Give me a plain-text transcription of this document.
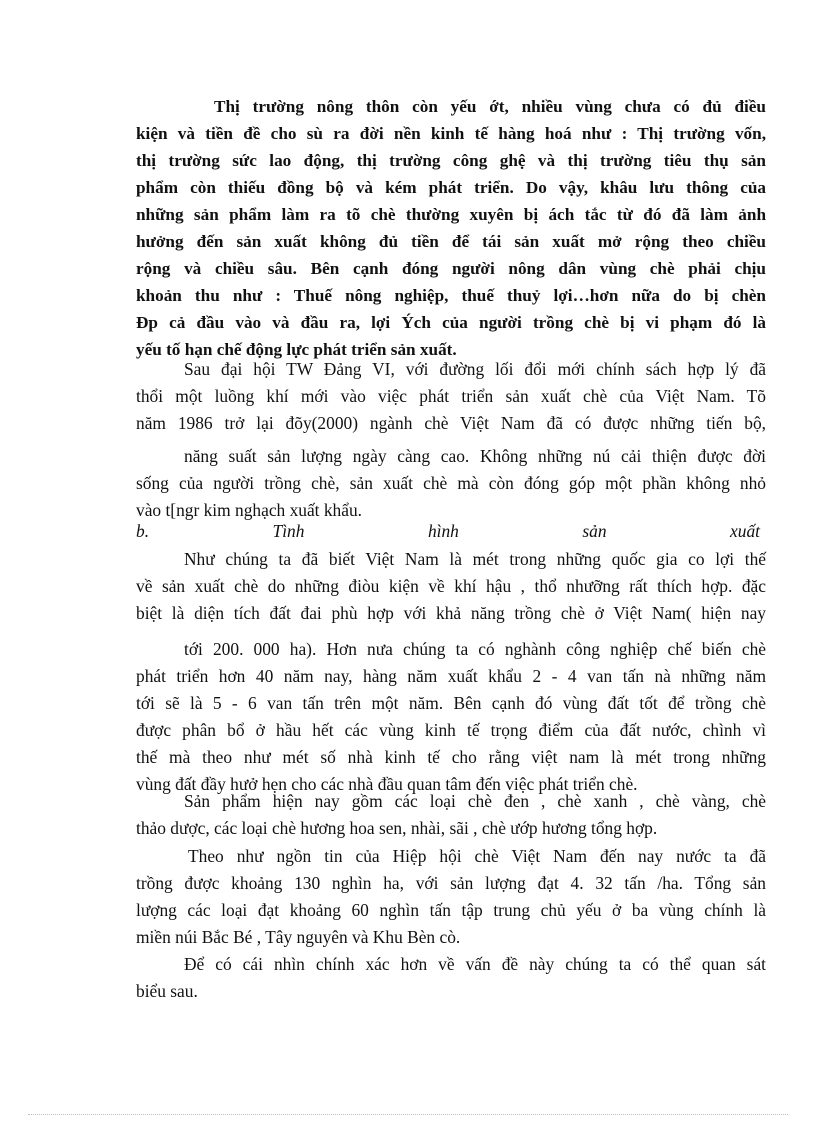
Thị trường nông thôn còn yếu ớt, nhiều vùng chưa có đủ điều
kiện và tiền đề cho sù ra đời nền kinh tế hàng hoá như : Thị trường vốn,
thị trường sức lao động, thị trường công ghệ và thị trường tiêu thụ sản
phẩm còn thiếu đồng bộ và kém phát triển. Do vậy, khâu lưu thông của
những sản phẩm làm ra tõ chè thường xuyên bị ách tắc từ đó đã làm ảnh
hưởng đến sản xuất không đủ tiền để tái sản xuất mở rộng theo chiều
rộng và chiều sâu. Bên cạnh đóng người nông dân vùng chè phải chịu
khoản thu như : Thuế nông nghiệp, thuế thuỷ lợi…hơn nữa do bị chèn
Ðp cả đầu vào và đầu ra, lợi Ých của người trồng chè bị vi phạm đó là
yếu tố hạn chế động lực phát triển sản xuất.
Sau đại hội TW Đảng VI, với đường lối đổi mới chính sách hợp lý đã
thổi một luồng khí mới vào việc phát triển sản xuất chè của Việt Nam. Tõ
năm 1986 trở lại đõy(2000) ngành chè Việt Nam đã có được những tiến bộ,
năng suất sản lượng ngày càng cao. Không những nú cải thiện được đời
sống của người trồng chè, sản xuất chè mà còn đóng góp một phần không nhỏ
vào t[ngr kim nghạch xuất khẩu.
b.	Tình	hình	sản	xuất
Như chúng ta đã biết Việt Nam là mét trong những quốc gia co lợi thế
về sản xuất chè do những điòu kiện về khí hậu , thổ nhưỡng rất thích hợp. đặc
biệt là diện tích đất đai phù hợp với khả năng trồng chè ở Việt Nam( hiện nay
tới 200. 000 ha). Hơn nưa chúng ta có nghành công nghiệp chế biến chè
phát triển hơn 40 năm nay, hàng năm xuất khẩu 2 - 4 van tấn nà những năm
tới sẽ là 5 - 6 van tấn trên một năm. Bên cạnh đó vùng đất tốt để trồng chè
được phân bổ ở hầu hết các vùng kinh tế trọng điểm của đất nước, chình vì
thế mà theo như mét số nhà kinh tế cho rằng việt nam là mét trong những
vùng đất đầy hưở hẹn cho các nhà đầu quan tâm đến việc phát triển chè.
Sản phẩm hiện nay gồm các loại chè đen , chè xanh , chè vàng, chè
thảo dược, các loại chè hương hoa sen, nhài, sãi , chè ướp hương tổng hợp.
Theo như ngồn tin của Hiệp hội chè Việt Nam đến nay nước ta đã
trồng được khoảng 130 nghìn ha, với sản lượng đạt 4. 32 tấn /ha. Tổng sản
lượng các loại đạt khoảng 60 nghìn tấn tập trung chủ yếu ở ba vùng chính là
miền núi Bắc Bé , Tây nguyên và Khu Bèn cò.
Để có cái nhìn chính xác hơn về vấn đề này chúng ta có thể quan sát
biểu sau.
